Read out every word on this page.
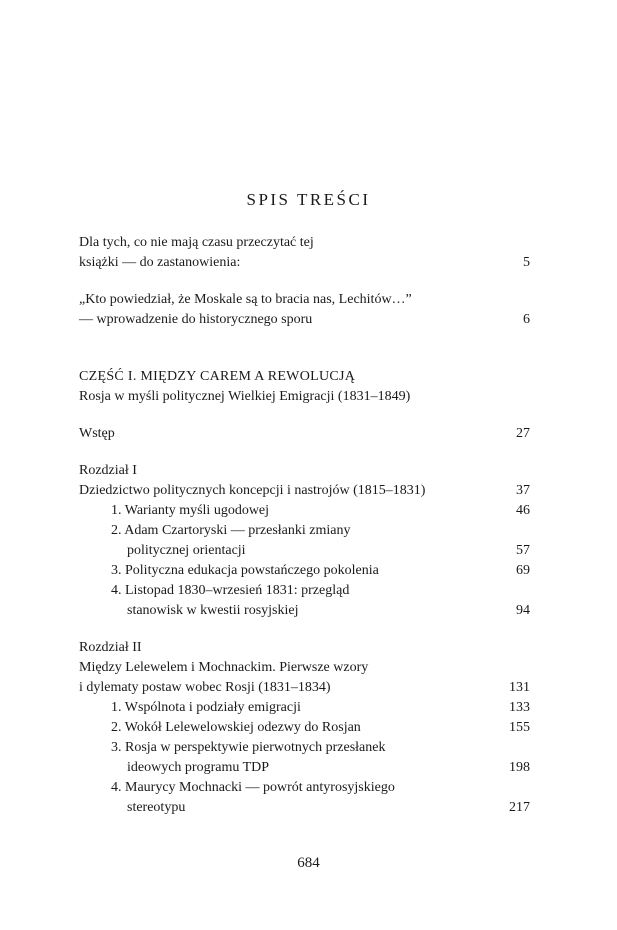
SPIS TREŚCI
Dla tych, co nie mają czasu przeczytać tej
książki — do zastanowienia:	5
„Kto powiedział, że Moskale są to bracia nas, Lechitów…”
— wprowadzenie do historycznego sporu	6
CZĘŚĆ I. MIĘDZY CAREM A REWOLUCJĄ
Rosja w myśli politycznej Wielkiej Emigracji (1831–1849)
Wstęp	27
Rozdział I
Dziedzictwo politycznych koncepcji i nastrojów (1815–1831)	37
1. Warianty myśli ugodowej	46
2. Adam Czartoryski — przesłanki zmiany
politycznej orientacji	57
3. Polityczna edukacja powstańczego pokolenia	69
4. Listopad 1830–wrzesień 1831: przegląd
stanowisk w kwestii rosyjskiej	94
Rozdział II
Między Lelewelem i Mochnackim. Pierwsze wzory
i dylematy postaw wobec Rosji (1831–1834)	131
1. Wspólnota i podziały emigracji	133
2. Wokół Lelewelowskiej odezwy do Rosjan	155
3. Rosja w perspektywie pierwotnych przesłanek
ideowych programu TDP	198
4. Maurycy Mochnacki — powrót antyrosyjskiego
stereotypu	217
684
